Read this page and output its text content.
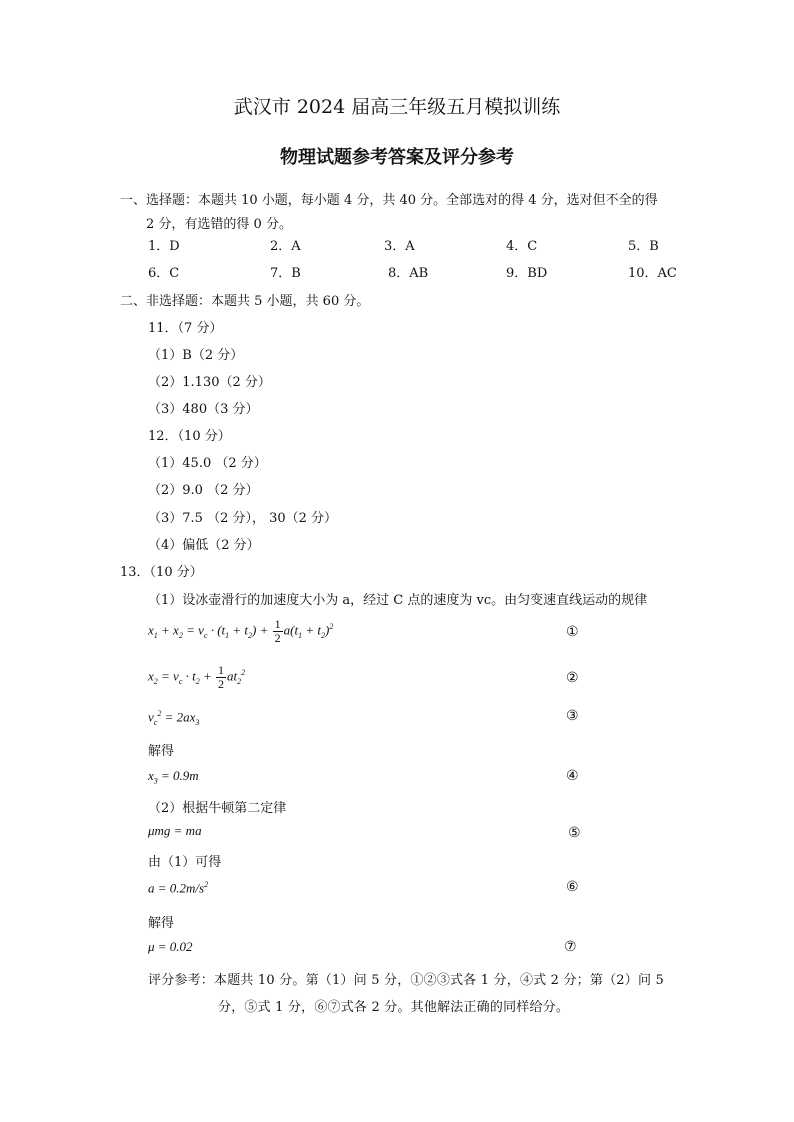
武汉市 2024 届高三年级五月模拟训练
物理试题参考答案及评分参考
一、选择题：本题共 10 小题，每小题 4 分，共 40 分。全部选对的得 4 分，选对但不全的得
2 分，有选错的得 0 分。
1．D	2．A	3．A	4．C	5．B
6．C	7．B	8．AB	9．BD	10．AC
二、非选择题：本题共 5 小题，共 60 分。
11．（7 分）
（1）B（2 分）
（2）1.130（2 分）
（3）480（3 分）
12．（10 分）
（1）45.0 （2 分）
（2）9.0 （2 分）
（3）7.5 （2 分）， 30（2 分）
（4）偏低（2 分）
13．（10 分）
（1）设冰壶滑行的加速度大小为 a，经过 C 点的速度为 vc。由匀变速直线运动的规律
$x_1 + x_2 = v_c \cdot (t_1 + t_2) + \frac{1}{2} a(t_1 + t_2)^2$	①
$x_2 = v_c \cdot t_2 + \frac{1}{2} at_2^2$	②
$v_c^2 = 2ax_3$	③
解得
$x_3 = 0.9m$	④
（2）根据牛顿第二定律
μmg = ma	⑤
由（1）可得
$a = 0.2m/s^2$	⑥
解得
μ = 0.02	⑦
评分参考：本题共 10 分。第（1）问 5 分，①②③式各 1 分，④式 2 分；第（2）问 5
分，⑤式 1 分，⑥⑦式各 2 分。其他解法正确的同样给分。
